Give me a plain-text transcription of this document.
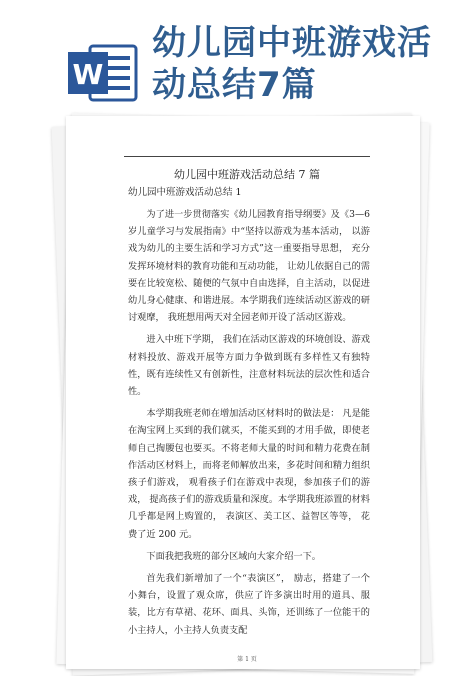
W
幼儿园中班游戏活动总结7篇
幼儿园中班游戏活动总结 7 篇
幼儿园中班游戏活动总结 1

为了进一步贯彻落实《幼儿园教育指导纲要》及《3—6 岁儿童学习与发展指南》中“坚持以游戏为基本活动， 以游戏为幼儿的主要生活和学习方式”这一重要指导思想， 充分发挥环境材料的教育功能和互动功能， 让幼儿依据自己的需要在比较宽松、随便的气氛中自由选择，自主活动，以促进幼儿身心健康、和谐进展。本学期我们连续活动区游戏的研讨观摩， 我班想用两天对全园老师开设了活动区游戏。

进入中班下学期， 我们在活动区游戏的环境创设、游戏材料投放、游戏开展等方面力争做到既有多样性又有独特性，既有连续性又有创新性，注意材料玩法的层次性和适合性。

本学期我班老师在增加活动区材料时的做法是： 凡是能在淘宝网上买到的我们就买，不能买到的才用手做，即使老师自己掏腰包也要买。不将老师大量的时间和精力花费在制作活动区材料上，而将老师解放出来，多花时间和精力组织孩子们游戏， 观看孩子们在游戏中表现，参加孩子们的游戏， 提高孩子们的游戏质量和深度。本学期我班添置的材料几乎都是网上购置的， 表演区、美工区、益智区等等， 花费了近 200 元。

下面我把我班的部分区域向大家介绍一下。

首先我们新增加了一个“表演区”， 励志，搭建了一个小舞台，设置了观众席，供应了许多演出时用的道具、服装，比方有草裙、花环、面具、头饰，还训练了一位能干的小主持人，小主持人负责支配

第 1 页
